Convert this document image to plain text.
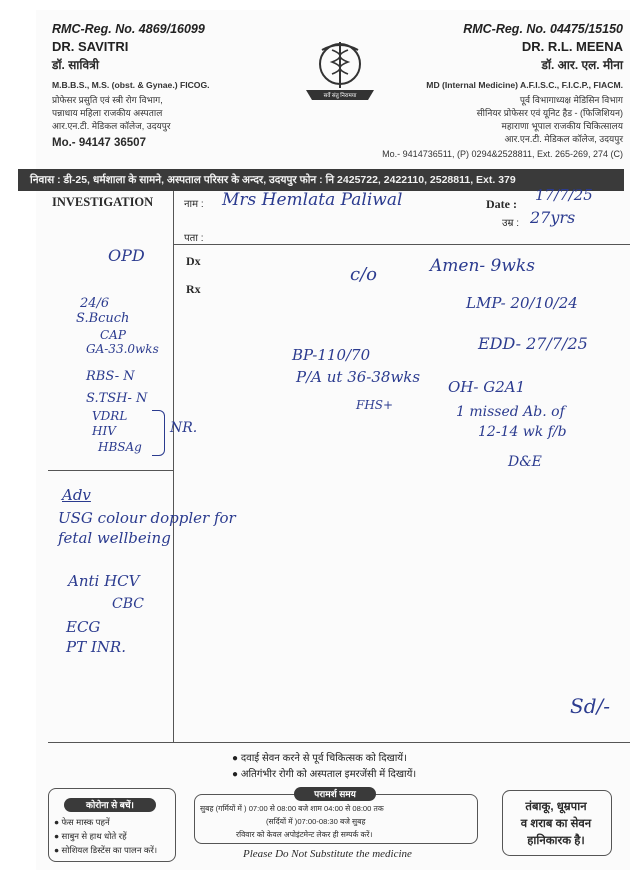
RMC-Reg. No. 4869/16099
DR. SAVITRI
डॉ. सावित्री
M.B.B.S., M.S. (obst. & Gynae.) FICOG.
प्रोफेसर प्रसुति एवं स्त्री रोग विभाग,
पन्नाधाय महिला राजकीय अस्पताल
आर.एन.टी. मेडिकल कॉलेज, उदयपुर
Mo.- 94147 36507
सर्वे संतु निरामया
RMC-Reg. No. 04475/15150
DR. R.L. MEENA
डॉ. आर. एल. मीना
MD (Internal Medicine) A.F.I.S.C., F.I.C.P., FIACM.
पूर्व विभागाध्यक्ष मेडिसिन विभाग
सीनियर प्रोफेसर एवं यूनिट हैड - (फिजिशियन)
महाराणा भूपाल राजकीय चिकित्सालय
आर.एन.टी. मेडिकल कॉलेज, उदयपुर
Mo.- 9414736511, (P) 0294&2528811, Ext. 265-269, 274 (C)
निवास : डी-25, धर्मशाला के सामने, अस्पताल परिसर के अन्दर, उदयपुर फोन : नि 2425722, 2422110, 2528811, Ext. 379
INVESTIGATION	नाम :
पता :
Date :
उम्र :
Dx
Rx
Mrs Hemlata Paliwal	17/7/25
27yrs
OPD
24/6
S.Bcuch
CAP
GA-33.0wks
RBS- N
S.TSH- N
VDRL
HIV
HBSAg
NR.
c/o	Amen- 9wks
LMP- 20/10/24
EDD- 27/7/25
BP-110/70
P/A ut 36-38wks
FHS+
OH- G2A1
1 missed Ab. of
12-14 wk f/b
D&E
Adv
USG colour doppler for fetal wellbeing
Anti HCV
CBC
ECG
PT INR.
Sd/-
● दवाई सेवन करने से पूर्व चिकित्सक को दिखायें।
● अतिगंभीर रोगी को अस्पताल इमरजेंसी में दिखायें।
कोरोना से बचें।
● फेस मास्क पहनें
● साबुन से हाथ धोते रहें
● सोशियल डिस्टेंस का पालन करें।
परामर्श समय
सुबह (गर्मियों में ) 07:00 से 08:00 बजे शाम 04:00 से 08:00 तक
(सर्दियों में )07:00-08:30 बजे सुबह
रविवार को केवल अपोइंटमेन्ट लेकर ही सम्पर्क करें।
Please Do Not Substitute the medicine
तंबाकू, धूम्रपान
व शराब का सेवन
हानिकारक है।
